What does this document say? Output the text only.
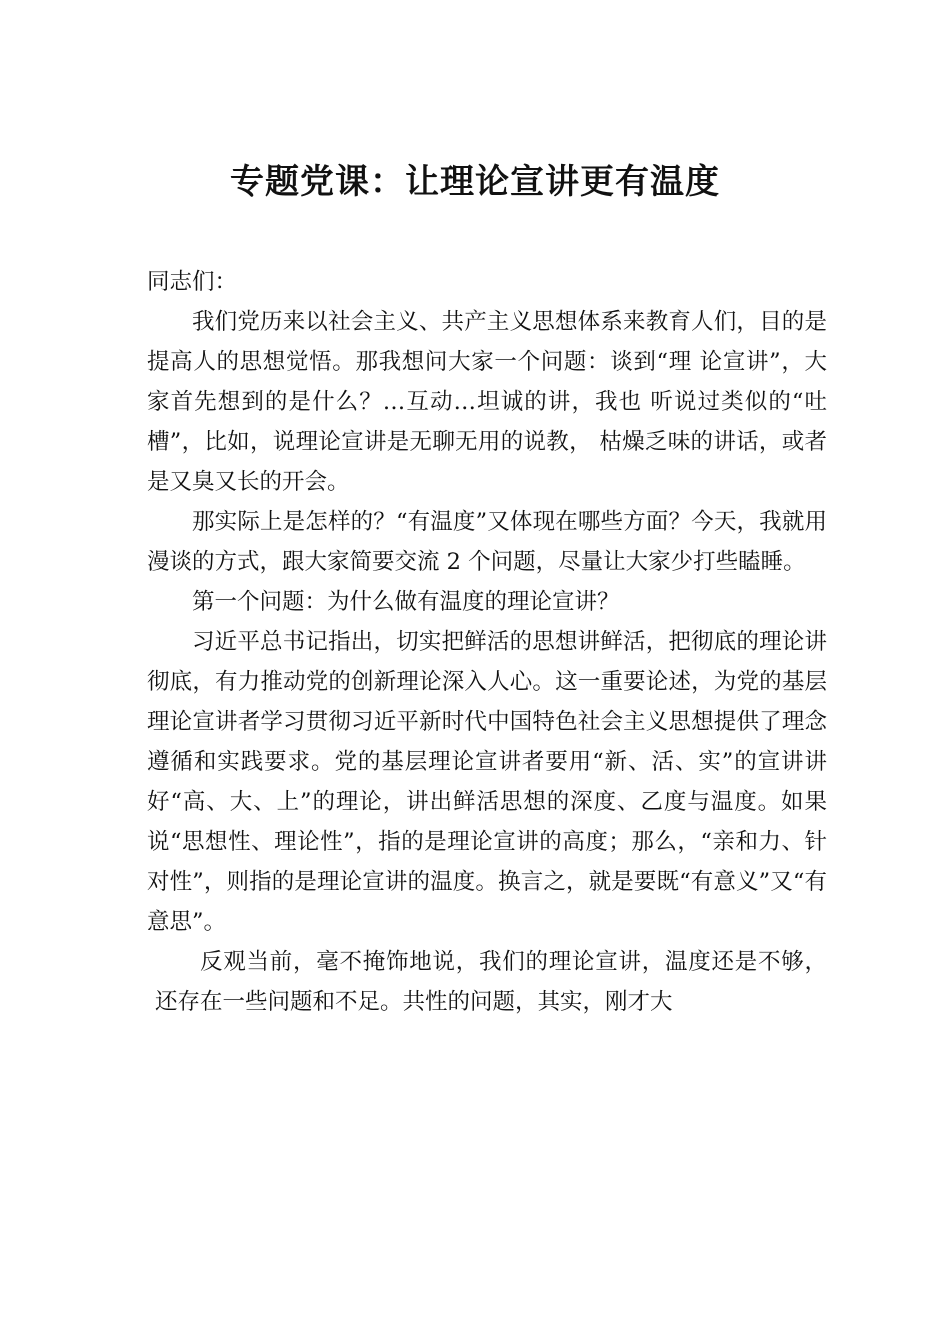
专题党课：让理论宣讲更有温度

同志们：

我们党历来以社会主义、共产主义思想体系来教育人们，目的是提高人的思想觉悟。那我想问大家一个问题：谈到“理 论宣讲”，大家首先想到的是什么？…互动…坦诚的讲，我也 听说过类似的“吐槽”，比如，说理论宣讲是无聊无用的说教， 枯燥乏味的讲话，或者是又臭又长的开会。

那实际上是怎样的？“有温度”又体现在哪些方面？今天，我就用漫谈的方式，跟大家简要交流 2 个问题，尽量让大家少打些瞌睡。

第一个问题：为什么做有温度的理论宣讲？

习近平总书记指出，切实把鲜活的思想讲鲜活，把彻底的理论讲彻底，有力推动党的创新理论深入人心。这一重要论述，为党的基层理论宣讲者学习贯彻习近平新时代中国特色社会主义思想提供了理念遵循和实践要求。党的基层理论宣讲者要用“新、活、实”的宣讲讲好“高、大、上”的理论，讲出鲜活思想的深度、乙度与温度。如果说“思想性、理论性”，指的是理论宣讲的高度；那么，“亲和力、针对性”，则指的是理论宣讲的温度。换言之，就是要既“有意义”又“有意思”。

反观当前，毫不掩饰地说，我们的理论宣讲，温度还是不够，还存在一些问题和不足。共性的问题，其实，刚才大
